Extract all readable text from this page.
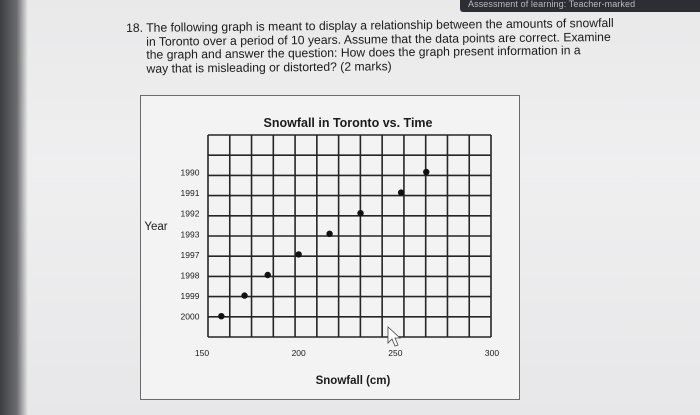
Assessment of learning: Teacher-marked
18. The following graph is meant to display a relationship between the amounts of snowfall
in Toronto over a period of 10 years. Assume that the data points are correct. Examine
the graph and answer the question: How does the graph present information in a
way that is misleading or distorted? (2 marks)
Snowfall in Toronto vs. Time
Year
Snowfall (cm)
1990
1991
1992
1993
1997
1998
1999
2000
150	200	250	300
